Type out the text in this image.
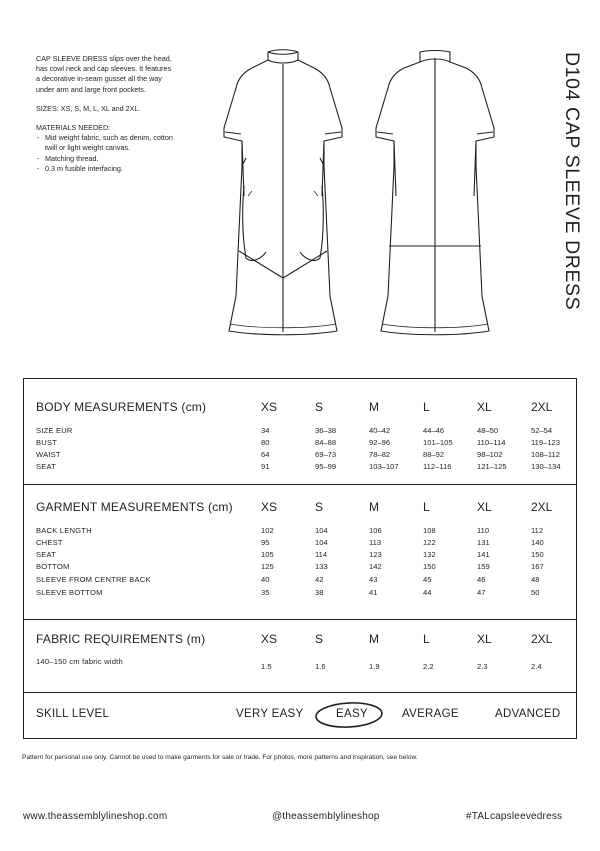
CAP SLEEVE DRESS slips over the head,
has cowl neck and cap sleeves. It features
a decorative in-seam gusset all the way
under arm and large front pockets.

SIZES: XS, S, M, L, XL and 2XL.

MATERIALS NEEDED:
- Mid weight fabric, such as denim, cotton
twill or light weight canvas.
- Matching thread.
- 0.3 m fusible interfacing.	D104 CAP SLEEVE DRESS
BODY MEASUREMENTS (cm)	XS	S	M	L	XL	2XL
SIZE EUR	34	36–38	40–42	44–46	48–50	52–54
BUST	80	84–88	92–96	101–105	110–114	119–123
WAIST	64	69–73	78–82	88–92	98–102	108–112
SEAT	91	95–99	103–107	112–116	121–125	130–134
GARMENT MEASUREMENTS (cm) XS	S	M	L	XL	2XL
BACK LENGTH	102	104	106	108	110	112
CHEST	95	104	113	122	131	140
SEAT	105	114	123	132	141	150
BOTTOM	125	133	142	150	159	167
SLEEVE FROM CENTRE BACK	40	42	43	45	46	48
SLEEVE BOTTOM	35	38	41	44	47	50
FABRIC REQUIREMENTS (m)	XS	S	M	L	XL	2XL
140–150 cm fabric width
1.5	1.6	1.9	2.2	2.3	2.4
SKILL LEVEL	VERY EASY	EASY	AVERAGE	ADVANCED
Pattern for personal use only. Cannot be used to make garments for sale or trade. For photos, more patterns and inspiration, see below.
www.theassemblylineshop.com	@theassemblylineshop	#TALcapsleevedress
